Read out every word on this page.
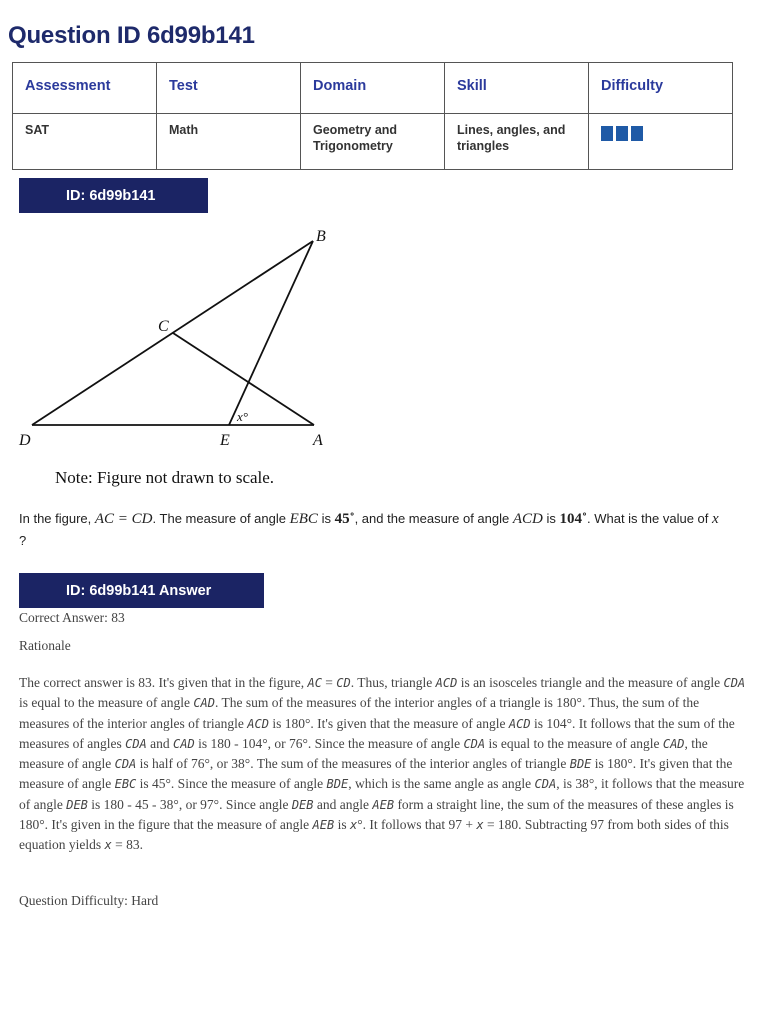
Question ID 6d99b141
Assessment	Test	Domain	Skill	Difficulty
SAT	Math	Geometry and Trigonometry	Lines, angles, and triangles	
ID: 6d99b141
B
C
D	E	A
x°
Note: Figure not drawn to scale.
In the figure, AC = CD. The measure of angle EBC is 45˚, and the measure of angle ACD is 104˚. What is the value of x
?
ID: 6d99b141 Answer
Correct Answer: 83
Rationale
The correct answer is 83. It's given that in the figure, AC = CD. Thus, triangle ACD is an isosceles triangle and the measure of angle CDA is equal to the measure of angle CAD. The sum of the measures of the interior angles of a triangle is 180°. Thus, the sum of the measures of the interior angles of triangle ACD is 180°. It's given that the measure of angle ACD is 104°. It follows that the sum of the measures of angles CDA and CAD is 180 - 104°, or 76°. Since the measure of angle CDA is equal to the measure of angle CAD, the measure of angle CDA is half of 76°, or 38°. The sum of the measures of the interior angles of triangle BDE is 180°. It's given that the measure of angle EBC is 45°. Since the measure of angle BDE, which is the same angle as angle CDA, is 38°, it follows that the measure of angle DEB is 180 - 45 - 38°, or 97°. Since angle DEB and angle AEB form a straight line, the sum of the measures of these angles is 180°. It's given in the figure that the measure of angle AEB is x°. It follows that 97 + x = 180. Subtracting 97 from both sides of this equation yields x = 83.
Question Difficulty: Hard
